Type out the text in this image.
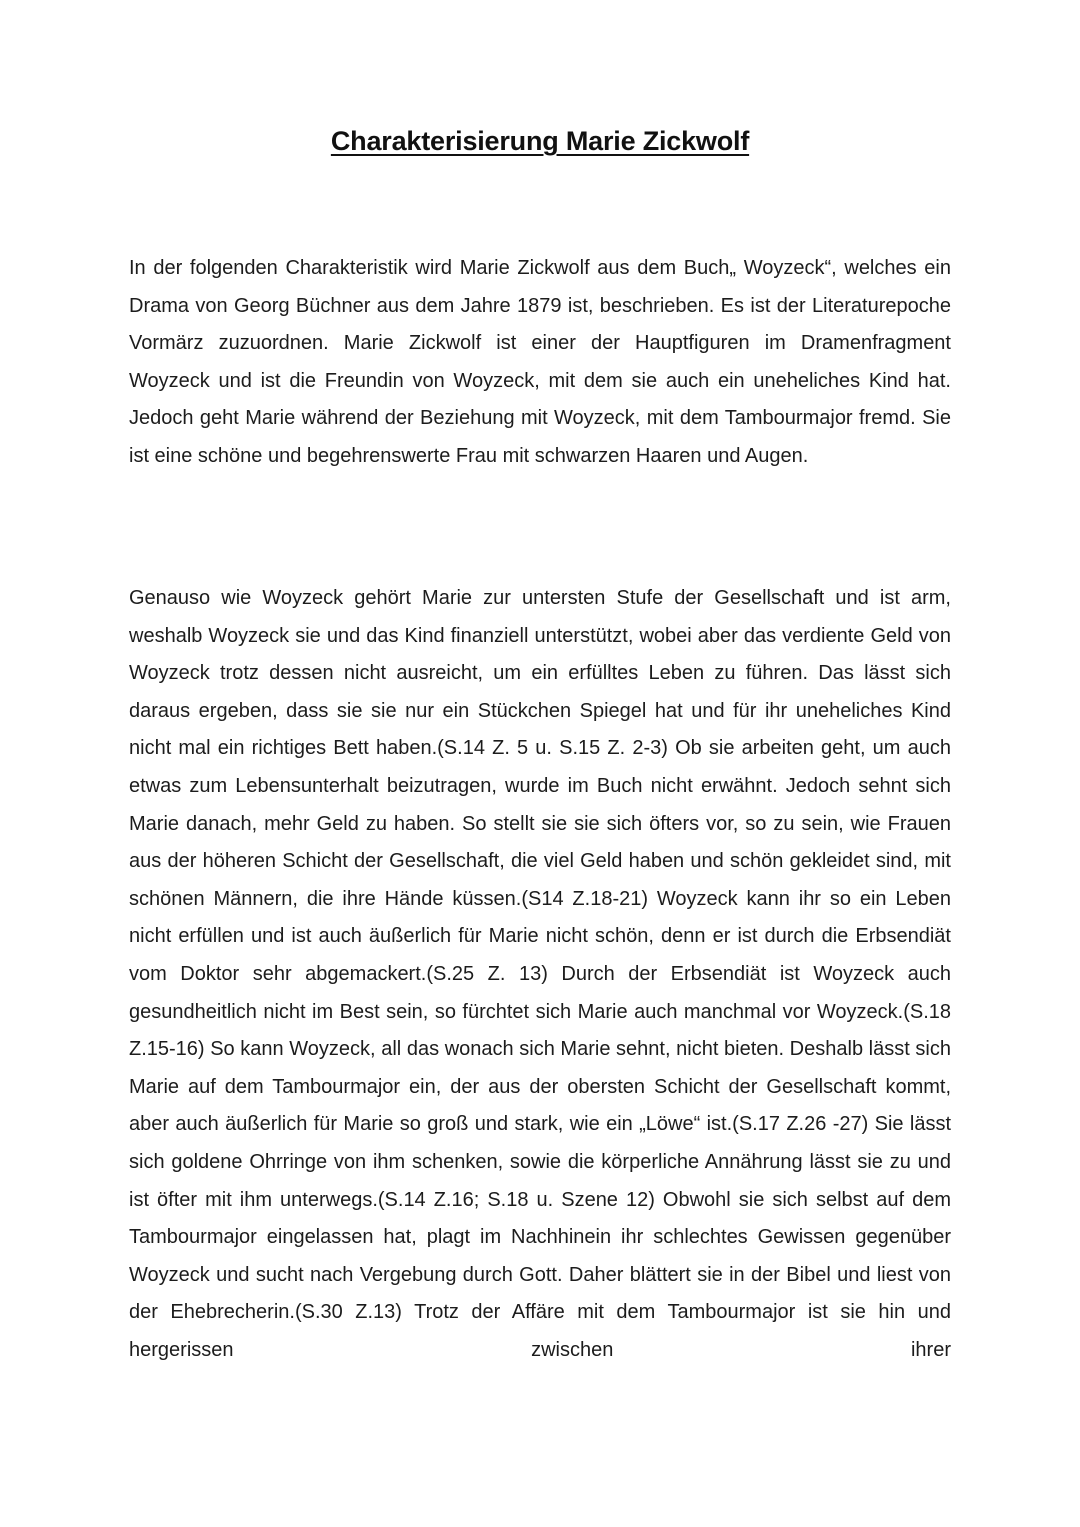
Charakterisierung Marie Zickwolf

In der folgenden Charakteristik wird Marie Zickwolf aus dem Buch„ Woyzeck“, welches ein Drama von Georg Büchner aus dem Jahre 1879 ist, beschrieben. Es ist der Literaturepoche Vormärz zuzuordnen. Marie Zickwolf ist einer der Hauptfiguren im Dramenfragment Woyzeck und ist die Freundin von Woyzeck, mit dem sie auch ein uneheliches Kind hat. Jedoch geht Marie während der Beziehung mit Woyzeck, mit dem Tambourmajor fremd. Sie ist eine schöne und begehrenswerte Frau mit schwarzen Haaren und Augen.

Genauso wie Woyzeck gehört Marie zur untersten Stufe der Gesellschaft und ist arm, weshalb Woyzeck sie und das Kind finanziell unterstützt, wobei aber das verdiente Geld von Woyzeck trotz dessen nicht ausreicht, um ein erfülltes Leben zu führen. Das lässt sich daraus ergeben, dass sie sie nur ein Stückchen Spiegel hat und für ihr uneheliches Kind nicht mal ein richtiges Bett haben.(S.14 Z. 5 u. S.15 Z. 2-3) Ob sie arbeiten geht, um auch etwas zum Lebensunterhalt beizutragen, wurde im Buch nicht erwähnt. Jedoch sehnt sich Marie danach, mehr Geld zu haben. So stellt sie sie sich öfters vor, so zu sein, wie Frauen aus der höheren Schicht der Gesellschaft, die viel Geld haben und schön gekleidet sind, mit schönen Männern, die ihre Hände küssen.(S14 Z.18-21) Woyzeck kann ihr so ein Leben nicht erfüllen und ist auch äußerlich für Marie nicht schön, denn er ist durch die Erbsendiät vom Doktor sehr abgemackert.(S.25 Z. 13) Durch der Erbsendiät ist Woyzeck auch gesundheitlich nicht im Best sein, so fürchtet sich Marie auch manchmal vor Woyzeck.(S.18 Z.15-16) So kann Woyzeck, all das wonach sich Marie sehnt, nicht bieten. Deshalb lässt sich Marie auf dem Tambourmajor ein, der aus der obersten Schicht der Gesellschaft kommt, aber auch äußerlich für Marie so groß und stark, wie ein „Löwe“ ist.(S.17 Z.26 -27) Sie lässt sich goldene Ohrringe von ihm schenken, sowie die körperliche Annährung lässt sie zu und ist öfter mit ihm unterwegs.(S.14 Z.16; S.18 u. Szene 12) Obwohl sie sich selbst auf dem Tambourmajor eingelassen hat, plagt im Nachhinein ihr schlechtes Gewissen gegenüber Woyzeck und sucht nach Vergebung durch Gott. Daher blättert sie in der Bibel und liest von der Ehebrecherin.(S.30 Z.13) Trotz der Affäre mit dem Tambourmajor ist sie hin und hergerissen zwischen ihrer
